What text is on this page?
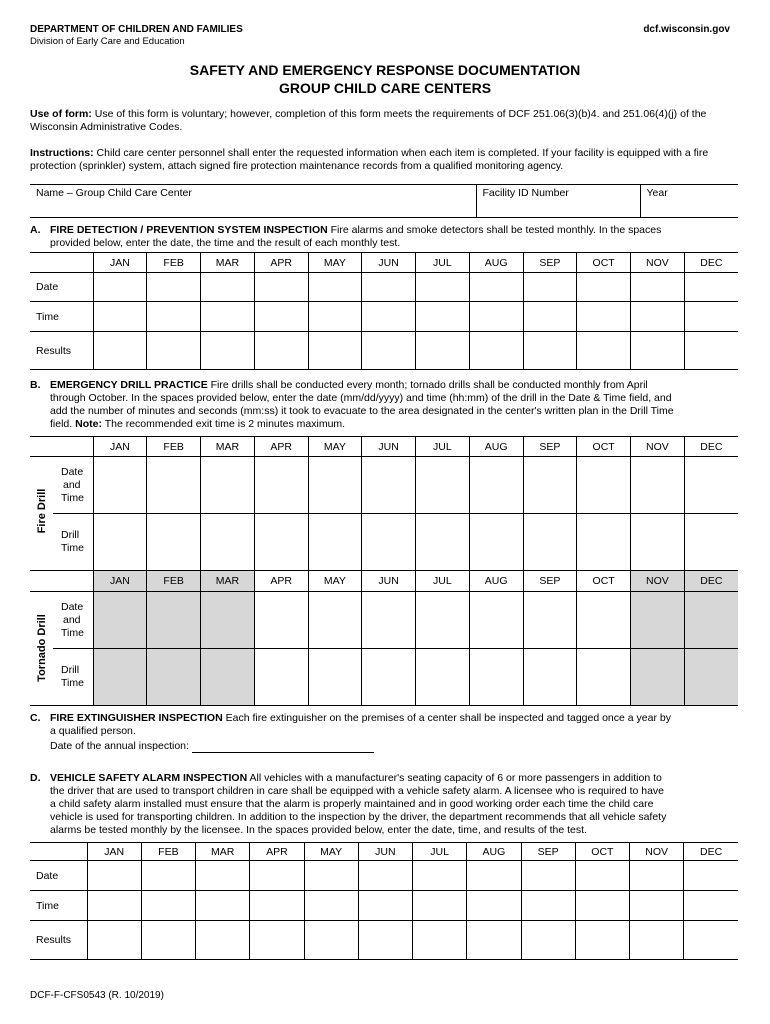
DEPARTMENT OF CHILDREN AND FAMILIES
Division of Early Care and Education
dcf.wisconsin.gov
SAFETY AND EMERGENCY RESPONSE DOCUMENTATION
GROUP CHILD CARE CENTERS
Use of form: Use of this form is voluntary; however, completion of this form meets the requirements of DCF 251.06(3)(b)4. and 251.06(4)(j) of the Wisconsin Administrative Codes.
Instructions: Child care center personnel shall enter the requested information when each item is completed. If your facility is equipped with a fire protection (sprinkler) system, attach signed fire protection maintenance records from a qualified monitoring agency.
Name – Group Child Care Center	Facility ID Number	Year
A. FIRE DETECTION / PREVENTION SYSTEM INSPECTION Fire alarms and smoke detectors shall be tested monthly. In the spaces
provided below, enter the date, the time and the result of each monthly test.
	JAN	FEB	MAR	APR	MAY	JUN	JUL	AUG	SEP	OCT	NOV	DEC
Date												
Time												
Results												
B. EMERGENCY DRILL PRACTICE Fire drills shall be conducted every month; tornado drills shall be conducted monthly from April
through October. In the spaces provided below, enter the date (mm/dd/yyyy) and time (hh:mm) of the drill in the Date & Time field, and
add the number of minutes and seconds (mm:ss) it took to evacuate to the area designated in the center's written plan in the Drill Time
field. Note: The recommended exit time is 2 minutes maximum.
		JAN	FEB	MAR	APR	MAY	JUN	JUL	AUG	SEP	OCT	NOV	DEC

Fire Drill	Date
and
Time												
	Drill
Time												
		JAN	FEB	MAR	APR	MAY	JUN	JUL	AUG	SEP	OCT	NOV	DEC

Tornado Drill	Date
and
Time												
	Drill
Time												
C. FIRE EXTINGUISHER INSPECTION Each fire extinguisher on the premises of a center shall be inspected and tagged once a year by
a qualified person.
Date of the annual inspection:
D. VEHICLE SAFETY ALARM INSPECTION All vehicles with a manufacturer's seating capacity of 6 or more passengers in addition to
the driver that are used to transport children in care shall be equipped with a vehicle safety alarm. A licensee who is required to have
a child safety alarm installed must ensure that the alarm is properly maintained and in good working order each time the child care
vehicle is used for transporting children. In addition to the inspection by the driver, the department recommends that all vehicle safety
alarms be tested monthly by the licensee. In the spaces provided below, enter the date, time, and results of the test.
	JAN	FEB	MAR	APR	MAY	JUN	JUL	AUG	SEP	OCT	NOV	DEC
Date												
Time												
Results												
DCF-F-CFS0543 (R. 10/2019)
